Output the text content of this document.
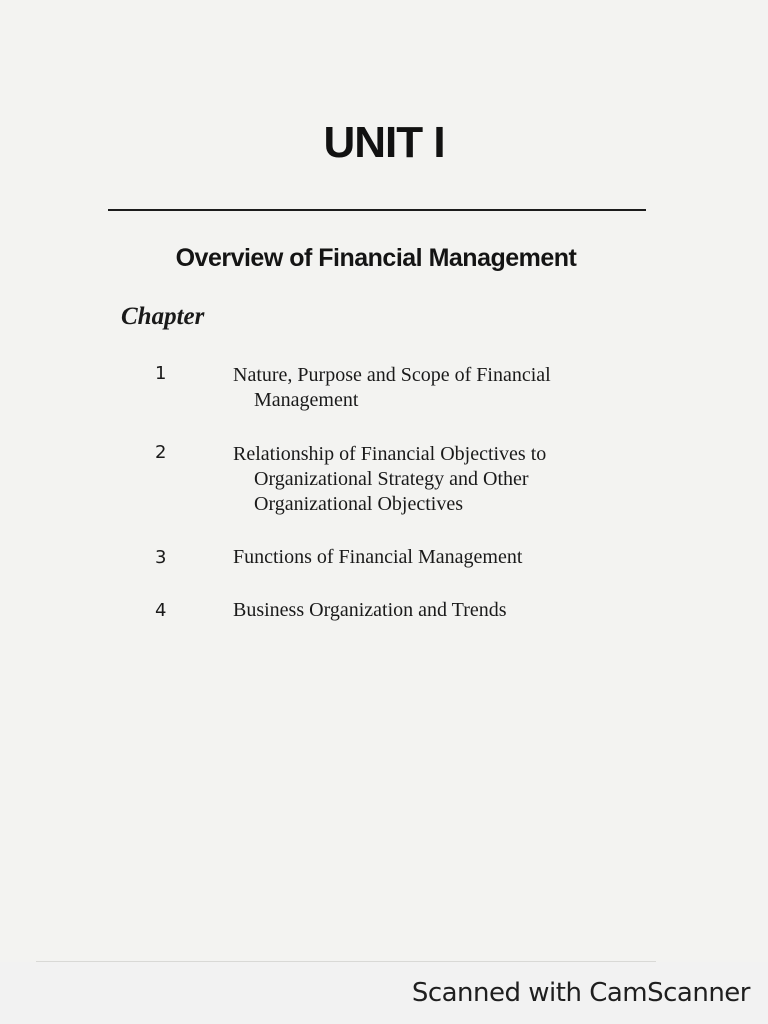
UNIT I
Overview of Financial Management
Chapter
1	Nature, Purpose and Scope of Financial
Management
2	Relationship of Financial Objectives to
Organizational Strategy and Other
Organizational Objectives
3	Functions of Financial Management
4	Business Organization and Trends
Scanned with CamScanner
